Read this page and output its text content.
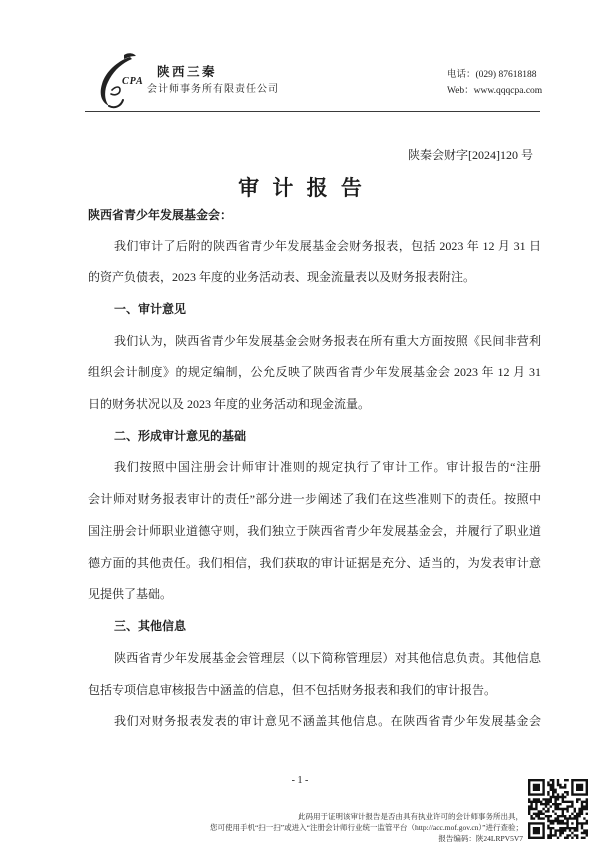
CPA
陕西三秦
会计师事务所有限责任公司
电话：(029) 87618188
Web：www.qqqcpa.com
陕秦会财字[2024]120 号
审 计 报 告
陕西省青少年发展基金会：
我们审计了后附的陕西省青少年发展基金会财务报表，包括 2023 年 12 月 31 日
的资产负债表，2023 年度的业务活动表、现金流量表以及财务报表附注。
一、审计意见
我们认为，陕西省青少年发展基金会财务报表在所有重大方面按照《民间非营利
组织会计制度》的规定编制，公允反映了陕西省青少年发展基金会 2023 年 12 月 31
日的财务状况以及 2023 年度的业务活动和现金流量。
二、形成审计意见的基础
我们按照中国注册会计师审计准则的规定执行了审计工作。审计报告的“注册
会计师对财务报表审计的责任”部分进一步阐述了我们在这些准则下的责任。按照中
国注册会计师职业道德守则，我们独立于陕西省青少年发展基金会，并履行了职业道
德方面的其他责任。我们相信，我们获取的审计证据是充分、适当的，为发表审计意
见提供了基础。
三、其他信息
陕西省青少年发展基金会管理层（以下简称管理层）对其他信息负责。其他信息
包括专项信息审核报告中涵盖的信息，但不包括财务报表和我们的审计报告。
我们对财务报表发表的审计意见不涵盖其他信息。在陕西省青少年发展基金会
- 1 -
此码用于证明该审计报告是否由具有执业许可的会计师事务所出具，
您可使用手机“扫一扫”或进入“注册会计师行业统一监管平台（http://acc.mof.gov.cn）”进行查验；
报告编码：陕24LRPV5V7
